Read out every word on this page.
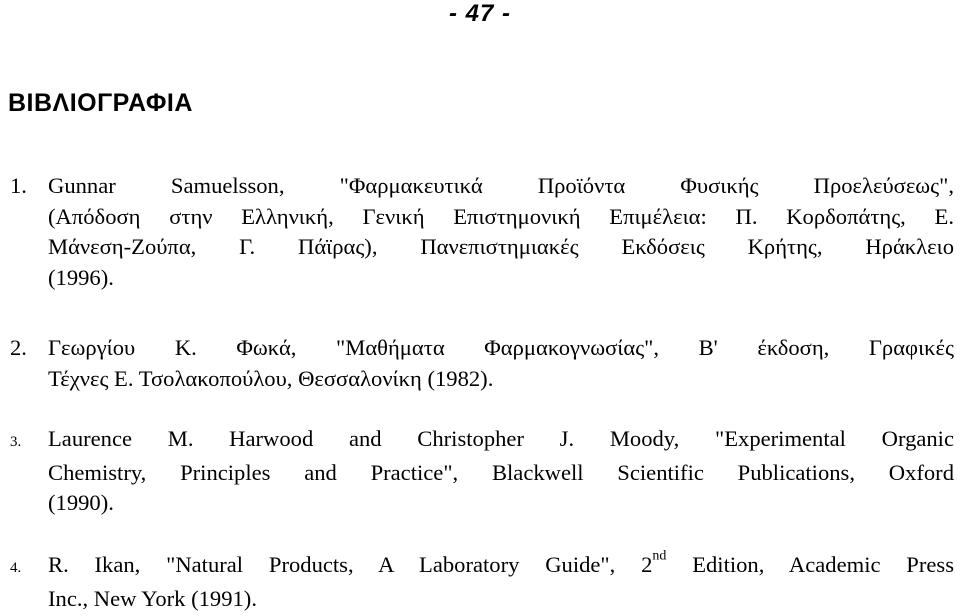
- 47 -
ΒΙΒΛΙΟΓΡΑΦΙΑ
1. Gunnar Samuelsson, "Φαρμακευτικά Προϊόντα Φυσικής Προελεύσεως",
(Απόδοση στην Ελληνική, Γενική Επιστημονική Επιμέλεια: Π. Κορδοπάτης, Ε.
Μάνεση-Ζούπα, Γ. Πάϊρας), Πανεπιστημιακές Εκδόσεις Κρήτης, Ηράκλειο
(1996).
2. Γεωργίου Κ. Φωκά, "Μαθήματα Φαρμακογνωσίας", Β' έκδοση, Γραφικές
Τέχνες Ε. Τσολακοπούλου, Θεσσαλονίκη (1982).
3. Laurence M. Harwood and Christopher J. Moody, "Experimental Organic
Chemistry, Principles and Practice", Blackwell Scientific Publications, Oxford
(1990).
4. R. Ikan, "Natural Products, A Laboratory Guide", 2nd Edition, Academic Press
Inc., New York (1991).
